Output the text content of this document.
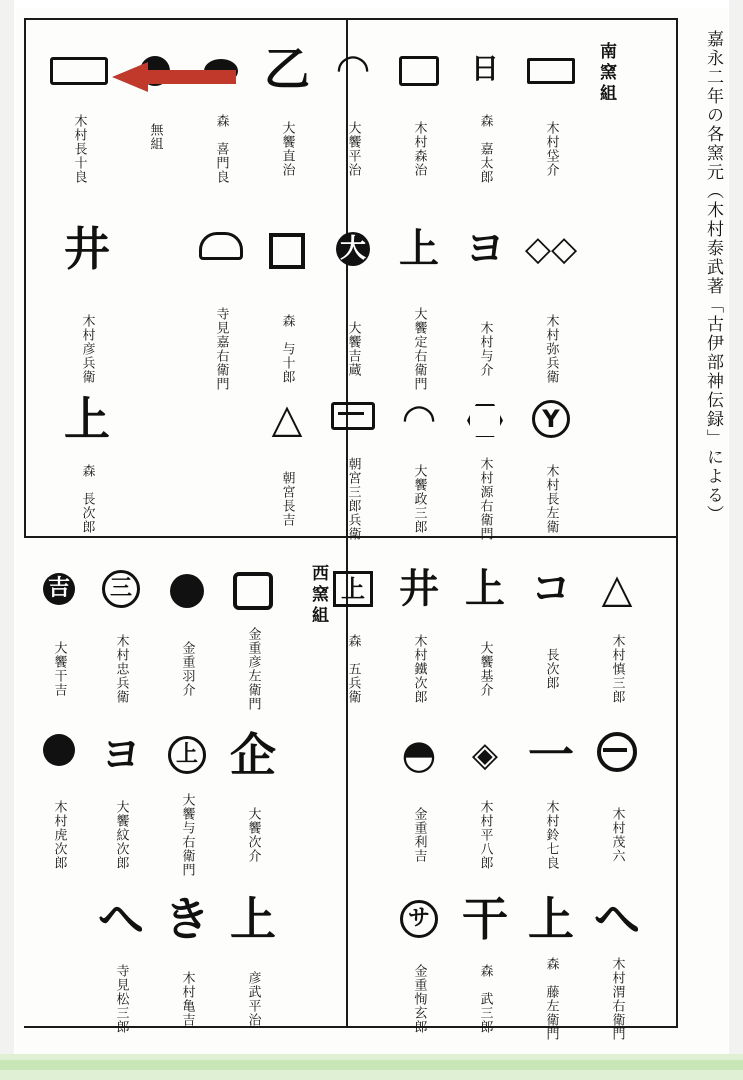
嘉永二年の各窯元（木村泰武著「古伊部神伝録」による）
南窯組
西窯組
木村垈介
日
森　嘉太郎
木村森治
◠
大饗平治
乙
大饗直治
森　喜門良
無組
木村長十良
◇◇
木村弥兵衛
ヨ
木村与介
上
大饗定右衛門
大
大饗吉蔵
森　与十郎
寺見嘉右衛門
井
木村彦兵衛
Y
木村長左衛
木村源右衛門
◠
大饗政三郎
朝宮三郎兵衛
△
朝宮長吉
上
森　長次郎
△
木村慎三郎
コ
長次郎
上
大饗基介
井
木村鐵次郎
上
森　五兵衛
金重彦左衛門
金重羽介
三
木村忠兵衛
吉
大饗干吉
木村茂六
一
木村鈴七良
◈
木村平八郎
◓
金重利吉
企
大饗次介
上
大饗与右衛門
ヨ
大饗紋次郎
木村虎次郎
へ
木村渭右衛門
上
森　藤左衛門
干
森　武三郎
サ
金重恂玄郎
上
彦武平治
き
木村亀吉
へ
寺見松三郎
